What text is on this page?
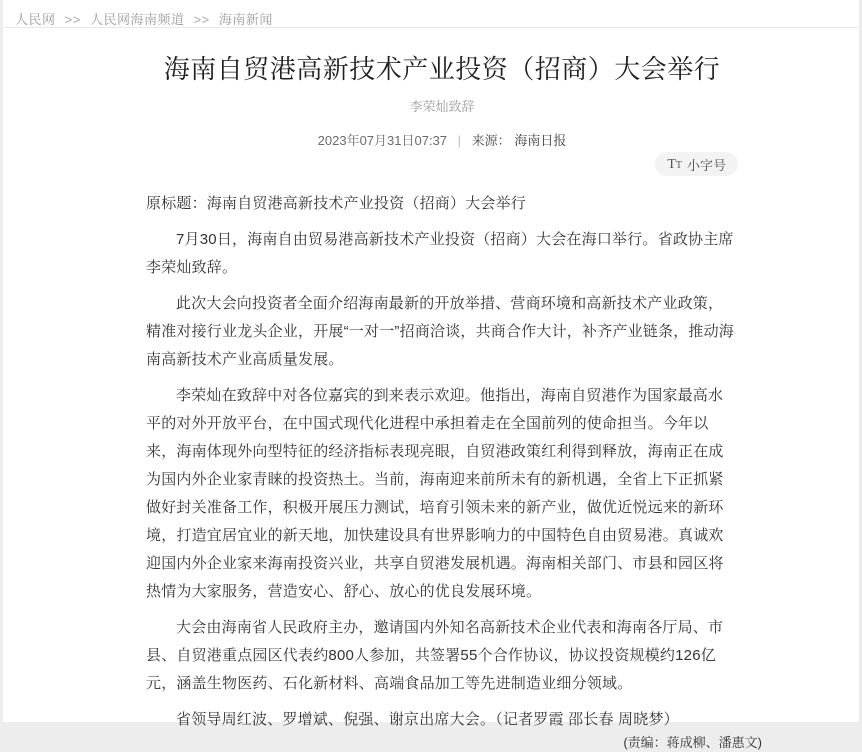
人民网 >> 人民网海南频道 >> 海南新闻
海南自贸港高新技术产业投资（招商）大会举行
李荣灿致辞
2023年07月31日07:37 | 来源： 海南日报
TT 小字号

原标题：海南自贸港高新技术产业投资（招商）大会举行

7月30日，海南自由贸易港高新技术产业投资（招商）大会在海口举行。省政协主席李荣灿致辞。

此次大会向投资者全面介绍海南最新的开放举措、营商环境和高新技术产业政策，精准对接行业龙头企业，开展“一对一”招商洽谈，共商合作大计，补齐产业链条，推动海南高新技术产业高质量发展。

李荣灿在致辞中对各位嘉宾的到来表示欢迎。他指出，海南自贸港作为国家最高水平的对外开放平台，在中国式现代化进程中承担着走在全国前列的使命担当。今年以来，海南体现外向型特征的经济指标表现亮眼，自贸港政策红利得到释放，海南正在成为国内外企业家青睐的投资热土。当前，海南迎来前所未有的新机遇，全省上下正抓紧做好封关准备工作，积极开展压力测试，培育引领未来的新产业，做优近悦远来的新环境，打造宜居宜业的新天地，加快建设具有世界影响力的中国特色自由贸易港。真诚欢迎国内外企业家来海南投资兴业，共享自贸港发展机遇。海南相关部门、市县和园区将热情为大家服务，营造安心、舒心、放心的优良发展环境。

大会由海南省人民政府主办，邀请国内外知名高新技术企业代表和海南各厅局、市县、自贸港重点园区代表约800人参加，共签署55个合作协议，协议投资规模约126亿元，涵盖生物医药、石化新材料、高端食品加工等先进制造业细分领域。

省领导周红波、罗增斌、倪强、谢京出席大会。（记者罗霞 邵长春 周晓梦）

(责编：蒋成柳、潘惠文)
